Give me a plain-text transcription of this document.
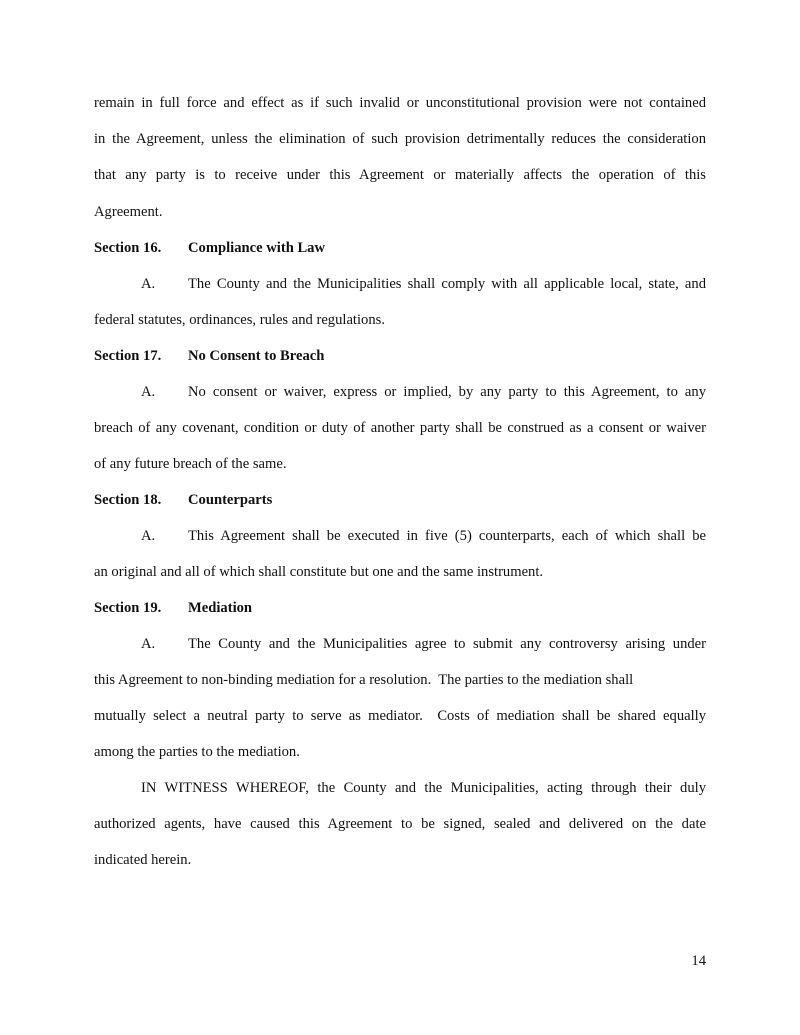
remain in full force and effect as if such invalid or unconstitutional provision were not contained
in the Agreement, unless the elimination of such provision detrimentally reduces the consideration
that any party is to receive under this Agreement or materially affects the operation of this
Agreement.
Section 16. Compliance with Law
A.	The County and the Municipalities shall comply with all applicable local, state, and
federal statutes, ordinances, rules and regulations.
Section 17. No Consent to Breach
A.	No consent or waiver, express or implied, by any party to this Agreement, to any
breach of any covenant, condition or duty of another party shall be construed as a consent or waiver
of any future breach of the same.
Section 18. Counterparts
A.	This Agreement shall be executed in five (5) counterparts, each of which shall be
an original and all of which shall constitute but one and the same instrument.
Section 19. Mediation
A.	The County and the Municipalities agree to submit any controversy arising under
this Agreement to non-binding mediation for a resolution.  The parties to the mediation shall
mutually select a neutral party to serve as mediator.  Costs of mediation shall be shared equally
among the parties to the mediation.
IN WITNESS WHEREOF, the County and the Municipalities, acting through their duly
authorized agents, have caused this Agreement to be signed, sealed and delivered on the date
indicated herein.
14
